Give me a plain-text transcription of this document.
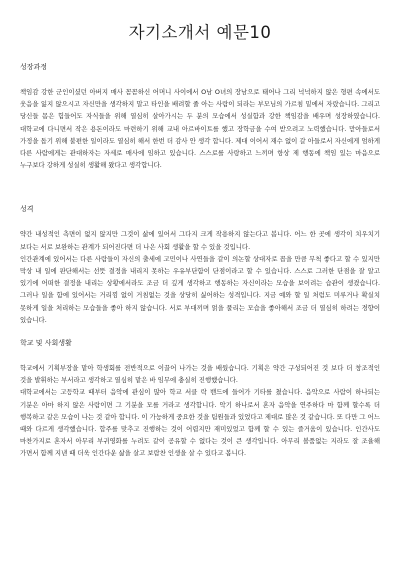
자기소개서 예문10
성장과정

책임감 강한 군인이셨던 아버지 매사 꼼꼼하신 어머니 사이에서 O남 O녀의 장남으로 태어나 그리 넉넉하지 않은 형편 속에서도 웃음을 잃지 않으시고 자신만을 생각하지 말고 타인을 배려할 줄 아는 사람이 되라는 부모님의 가르침 밑에서 자랐습니다. 그리고 당신들 몸은 힘들어도 자식들을 위해 열심히 살아가시는 두 분의 모습에서 성실함과 강한 책임감을 배우며 성장하였습니다. 대학교에 다니면서 작은 용돈이라도 마련하기 위해 교내 아르바이트를 했고 장학금을 수여 받으려고 노력했습니다. 맏아들로서 가정을 돕기 위해 불편한 일이라도 열심히 해서 한번 더 감사 안 생각 합니다. 제대 이어서 재수 없이 갈 아들로서 자신에게 엄하게 다른 사람에게는 관대하자는 자세로 매사에 임하고 있습니다. 스스로를 사랑하고 느끼며 항상 제 행동에 책임 있는 마음으로 누구보다 강하게 성실히 생활해 왔다고 생각합니다.

성격

약간 내성적인 측면이 없지 않지만 그것이 삶에 있어서 그다지 크게 작용하지 않는다고 봅니다. 어느 한 곳에 생각이 치우치기 보다는 서로 보완하는 관계가 되어진다면 더 나은 사회 생활을 할 수 있을 것입니다.

인간관계에 있어서는 다른 사람들이 자신의 출세에 고민이나 사연들을 같이 의논할 상대자로 꼽을 만큼 무척 좋다고 할 수 있지만 막상 내 일에 판단해서는 선뜻 결정을 내리지 못하는 우유부단함이 단점이라고 할 수 있습니다. 스스로 그러한 단점을 잘 알고 있기에 어떠한 결정을 내리는 상황에서라도 조금 더 깊게 생각하고 행동하는 자신이라는 모습을 보이려는 습관이 생겼습니다. 그러나 일을 함에 있어서는 거리낌 없이 거침없는 것을 상당히 싫어하는 성격입니다. 지금 예와 할 일 처럼도 미루거나 확실치 못하게 일을 처리하는 모습들을 좋아 하지 않습니다. 서로 부대끼며 얽을 풀리는 모습을 좋아해서 조금 더 열심히 하려는 경향이 있습니다.

학교 및 사회생활

학교에서 기획부장을 맡아 학생회를 전반적으로 이끌어 나가는 것을 배웠습니다. 기획은 약간 구성되어진 것 보다 더 창조적인 것을 발휘하는 부서라고 생각하고 열심히 맡은 바 임무에 충실히 진행했습니다.

대학교에서는 고등학교 때부터 음악에 관심이 많아 학교 서클 락 밴드에 들어가 기타를 쳤습니다. 음악으로 사람이 하나되는 기분은 아마 하지 않은 사람이면 그 기분을 모를 거라고 생각합니다. 악기 하나로서 혼자 음악을 연주하다 마 함께 할수록 더 행복하고 같은 모습이 나는 것 같아 합니다. 이 가능하게 중요한 것을 팀원들과 있었다고 제대로 많은 것 같습니다. 또 다만 그 어느 때와 다르게 생각했습니다. 합주를 맞추고 진행하는 것이 어렵지만 재미있었고 함께 할 수 있는 즐거움이 있습니다. 인간사도 마찬가지로 혼자서 아무리 부귀영화를 누려도 같이 공유할 수 없다는 것이 큰 생각입니다. 아무리 볼품없는 지라도 잘 조율해 가면서 함께 지낸 때 더욱 인간다운 삶을 살고 보람찬 인생을 살 수 있다고 봅니다.
